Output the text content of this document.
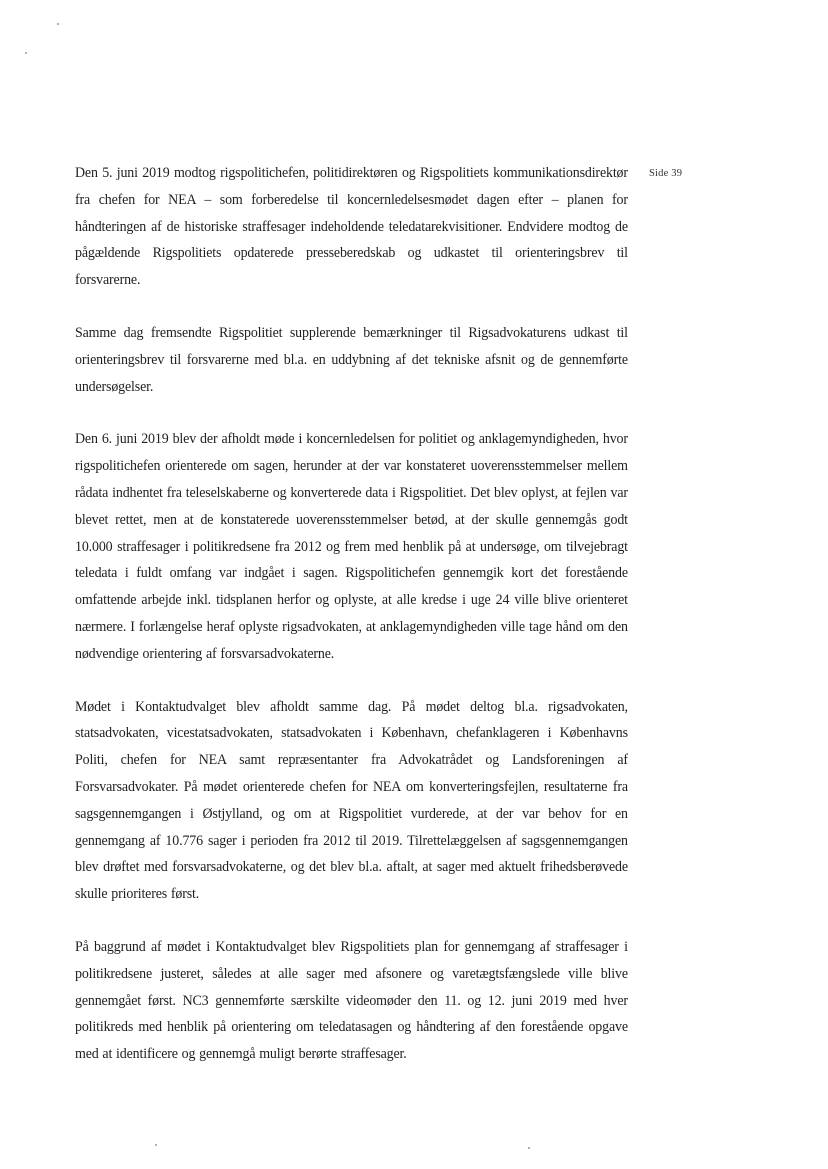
Side 39

Den 5. juni 2019 modtog rigspolitichefen, politidirektøren og Rigspolitiets kommunikationsdirektør fra chefen for NEA – som forberedelse til koncernledelsesmødet dagen efter – planen for håndteringen af de historiske straffesager indeholdende teledatarekvisitioner. Endvidere modtog de pågældende Rigspolitiets opdaterede presseberedskab og udkastet til orienteringsbrev til forsvarerne.

Samme dag fremsendte Rigspolitiet supplerende bemærkninger til Rigsadvokaturens udkast til orienteringsbrev til forsvarerne med bl.a. en uddybning af det tekniske afsnit og de gennemførte undersøgelser.

Den 6. juni 2019 blev der afholdt møde i koncernledelsen for politiet og anklagemyndigheden, hvor rigspolitichefen orienterede om sagen, herunder at der var konstateret uoverensstemmelser mellem rådata indhentet fra teleselskaberne og konverterede data i Rigspolitiet. Det blev oplyst, at fejlen var blevet rettet, men at de konstaterede uoverensstemmelser betød, at der skulle gennemgås godt 10.000 straffesager i politikredsene fra 2012 og frem med henblik på at undersøge, om tilvejebragt teledata i fuldt omfang var indgået i sagen. Rigspolitichefen gennemgik kort det forestående omfattende arbejde inkl. tidsplanen herfor og oplyste, at alle kredse i uge 24 ville blive orienteret nærmere. I forlængelse heraf oplyste rigsadvokaten, at anklagemyndigheden ville tage hånd om den nødvendige orientering af forsvarsadvokaterne.

Mødet i Kontaktudvalget blev afholdt samme dag. På mødet deltog bl.a. rigsadvokaten, statsadvokaten, vicestatsadvokaten, statsadvokaten i København, chefanklageren i Københavns Politi, chefen for NEA samt repræsentanter fra Advokatrådet og Landsforeningen af Forsvarsadvokater. På mødet orienterede chefen for NEA om konverteringsfejlen, resultaterne fra sagsgennemgangen i Østjylland, og om at Rigspolitiet vurderede, at der var behov for en gennemgang af 10.776 sager i perioden fra 2012 til 2019. Tilrettelæggelsen af sagsgennemgangen blev drøftet med forsvarsadvokaterne, og det blev bl.a. aftalt, at sager med aktuelt frihedsberøvede skulle prioriteres først.

På baggrund af mødet i Kontaktudvalget blev Rigspolitiets plan for gennemgang af straffesager i politikredsene justeret, således at alle sager med afsonere og varetægtsfængslede ville blive gennemgået først. NC3 gennemførte særskilte videomøder den 11. og 12. juni 2019 med hver politikreds med henblik på orientering om teledatasagen og håndtering af den forestående opgave med at identificere og gennemgå muligt berørte straffesager.
